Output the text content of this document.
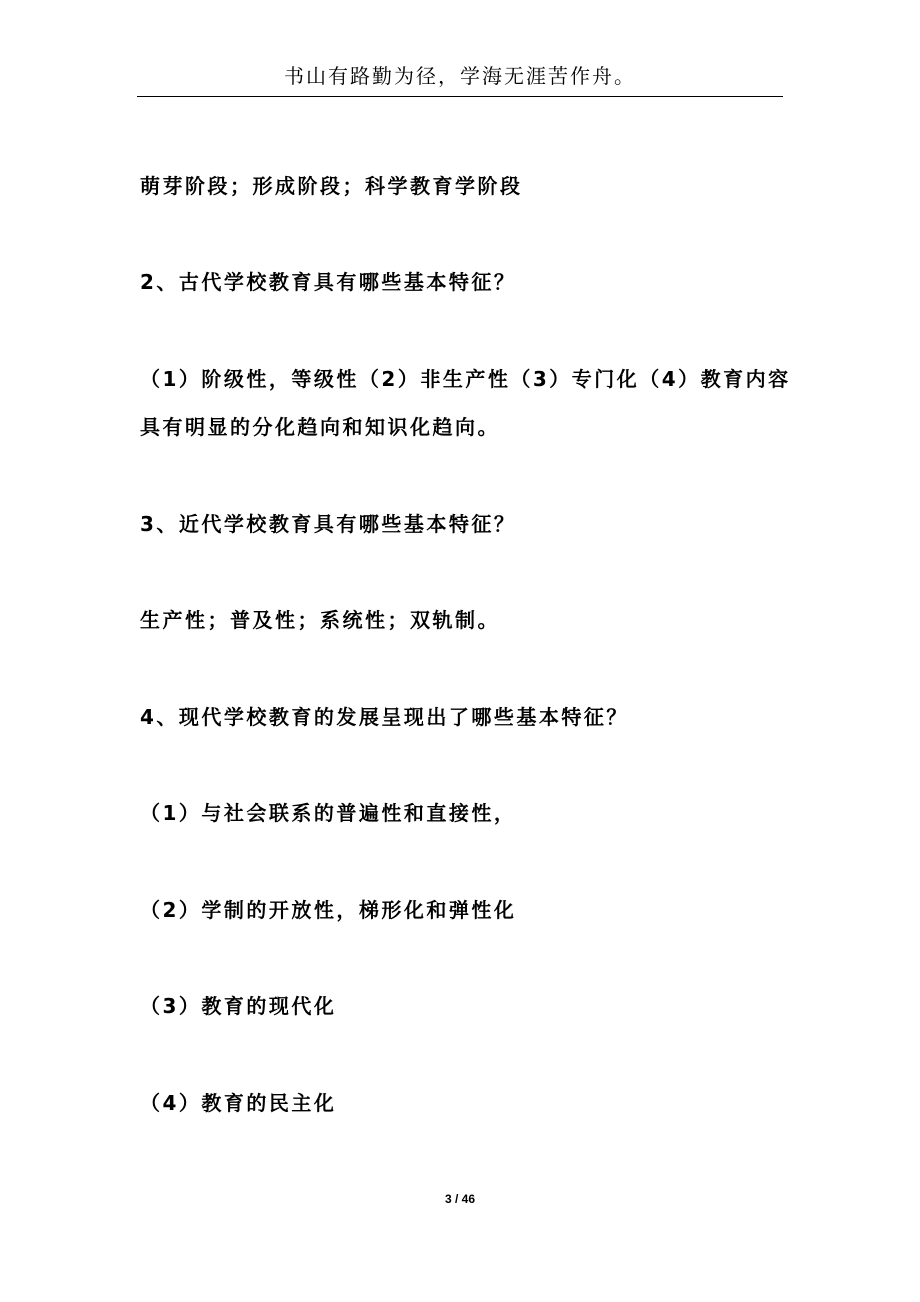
书山有路勤为径，学海无涯苦作舟。
萌芽阶段；形成阶段；科学教育学阶段
2、古代学校教育具有哪些基本特征？
（1）阶级性，等级性（2）非生产性（3）专门化（4）教育内容
具有明显的分化趋向和知识化趋向。
3、近代学校教育具有哪些基本特征？
生产性；普及性；系统性；双轨制。
4、现代学校教育的发展呈现出了哪些基本特征？
（1）与社会联系的普遍性和直接性，
（2）学制的开放性，梯形化和弹性化
（3）教育的现代化
（4）教育的民主化
3 / 46
